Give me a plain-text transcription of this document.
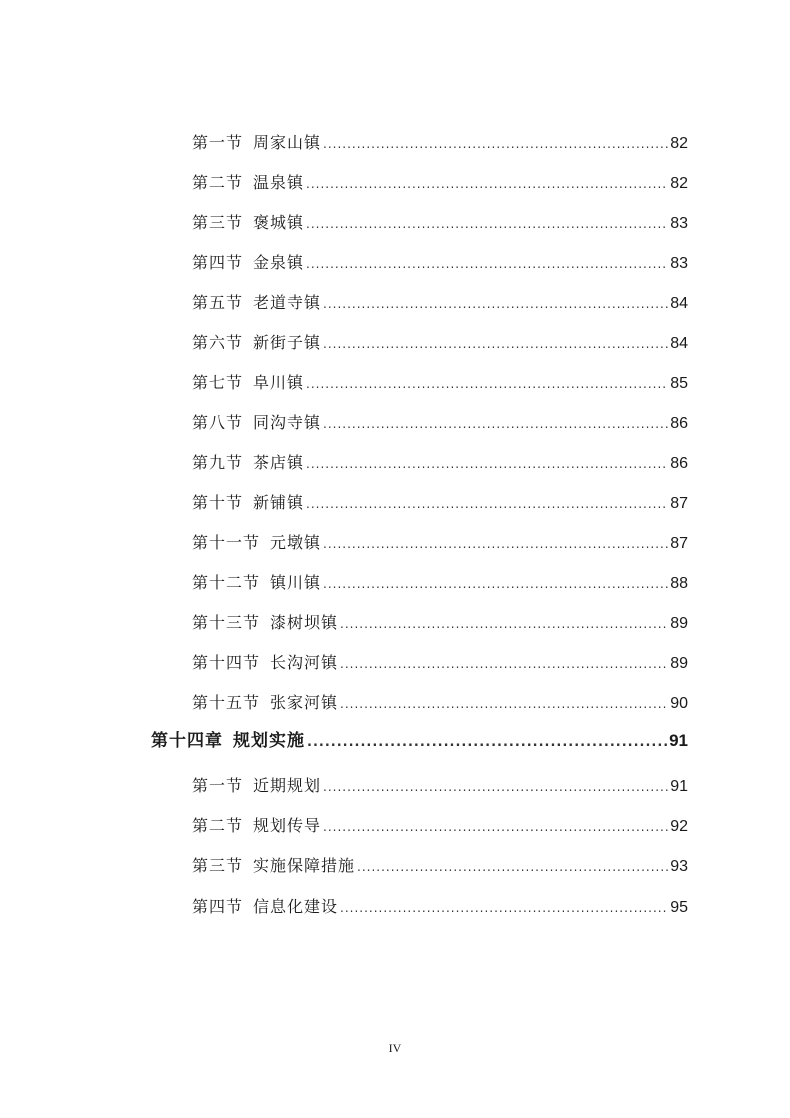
第一节 周家山镇 .....	82
第二节 温泉镇 .....	82
第三节 褒城镇 .....	83
第四节 金泉镇 .....	83
第五节 老道寺镇 .....	84
第六节 新街子镇 .....	84
第七节 阜川镇 .....	85
第八节 同沟寺镇 .....	86
第九节 茶店镇 .....	86
第十节 新铺镇 .....	87
第十一节 元墩镇 .....	87
第十二节 镇川镇 .....	88
第十三节 漆树坝镇 .....	89
第十四节 长沟河镇 .....	89
第十五节 张家河镇 .....	90
第十四章 规划实施 .....	91
第一节 近期规划 .....	91
第二节 规划传导 .....	92
第三节 实施保障措施 .....	93
第四节 信息化建设 .....	95
IV
